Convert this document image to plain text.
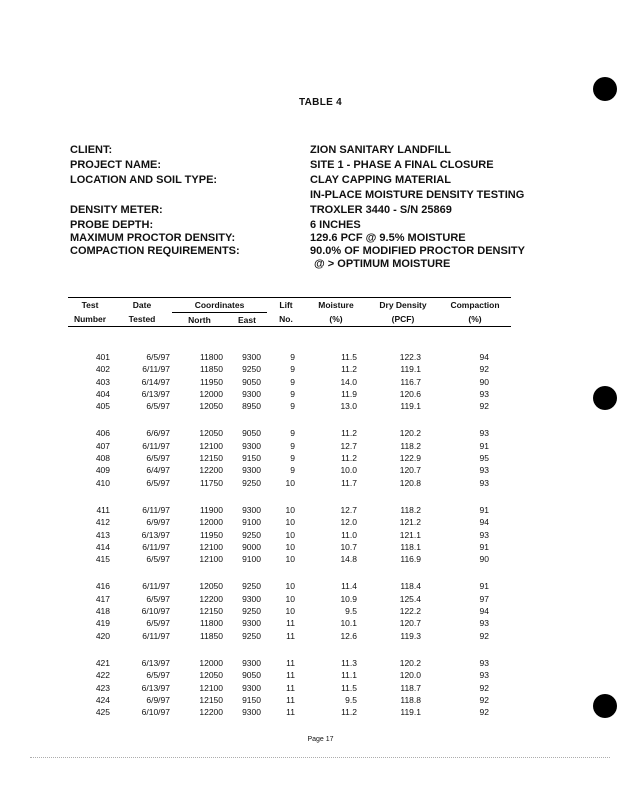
TABLE 4
CLIENT:	ZION SANITARY LANDFILL
PROJECT NAME:	SITE 1 - PHASE A FINAL CLOSURE
LOCATION AND SOIL TYPE:	CLAY CAPPING MATERIAL
IN-PLACE MOISTURE DENSITY TESTING
DENSITY METER:	TROXLER 3440 - S/N 25869
PROBE DEPTH:	6 INCHES
MAXIMUM PROCTOR DENSITY:	129.6 PCF @ 9.5% MOISTURE
COMPACTION REQUIREMENTS:	90.0% OF MODIFIED PROCTOR DENSITY
@ > OPTIMUM MOISTURE
Test	Date	Coordinates		Lift	Moisture	Dry Density	Compaction
Number	Tested	North	East	No.	(%)	(PCF)	(%)

401	6/5/97	11800	9300	9	11.5	122.3	94
402	6/11/97	11850	9250	9	11.2	119.1	92
403	6/14/97	11950	9050	9	14.0	116.7	90
404	6/13/97	12000	9300	9	11.9	120.6	93
405	6/5/97	12050	8950	9	13.0	119.1	92

406	6/6/97	12050	9050	9	11.2	120.2	93
407	6/11/97	12100	9300	9	12.7	118.2	91
408	6/5/97	12150	9150	9	11.2	122.9	95
409	6/4/97	12200	9300	9	10.0	120.7	93
410	6/5/97	11750	9250	10	11.7	120.8	93

411	6/11/97	11900	9300	10	12.7	118.2	91
412	6/9/97	12000	9100	10	12.0	121.2	94
413	6/13/97	11950	9250	10	11.0	121.1	93
414	6/11/97	12100	9000	10	10.7	118.1	91
415	6/5/97	12100	9100	10	14.8	116.9	90

416	6/11/97	12050	9250	10	11.4	118.4	91
417	6/5/97	12200	9300	10	10.9	125.4	97
418	6/10/97	12150	9250	10	9.5	122.2	94
419	6/5/97	11800	9300	11	10.1	120.7	93
420	6/11/97	11850	9250	11	12.6	119.3	92

421	6/13/97	12000	9300	11	11.3	120.2	93
422	6/5/97	12050	9050	11	11.1	120.0	93
423	6/13/97	12100	9300	11	11.5	118.7	92
424	6/9/97	12150	9150	11	9.5	118.8	92
425	6/10/97	12200	9300	11	11.2	119.1	92
Page 17
